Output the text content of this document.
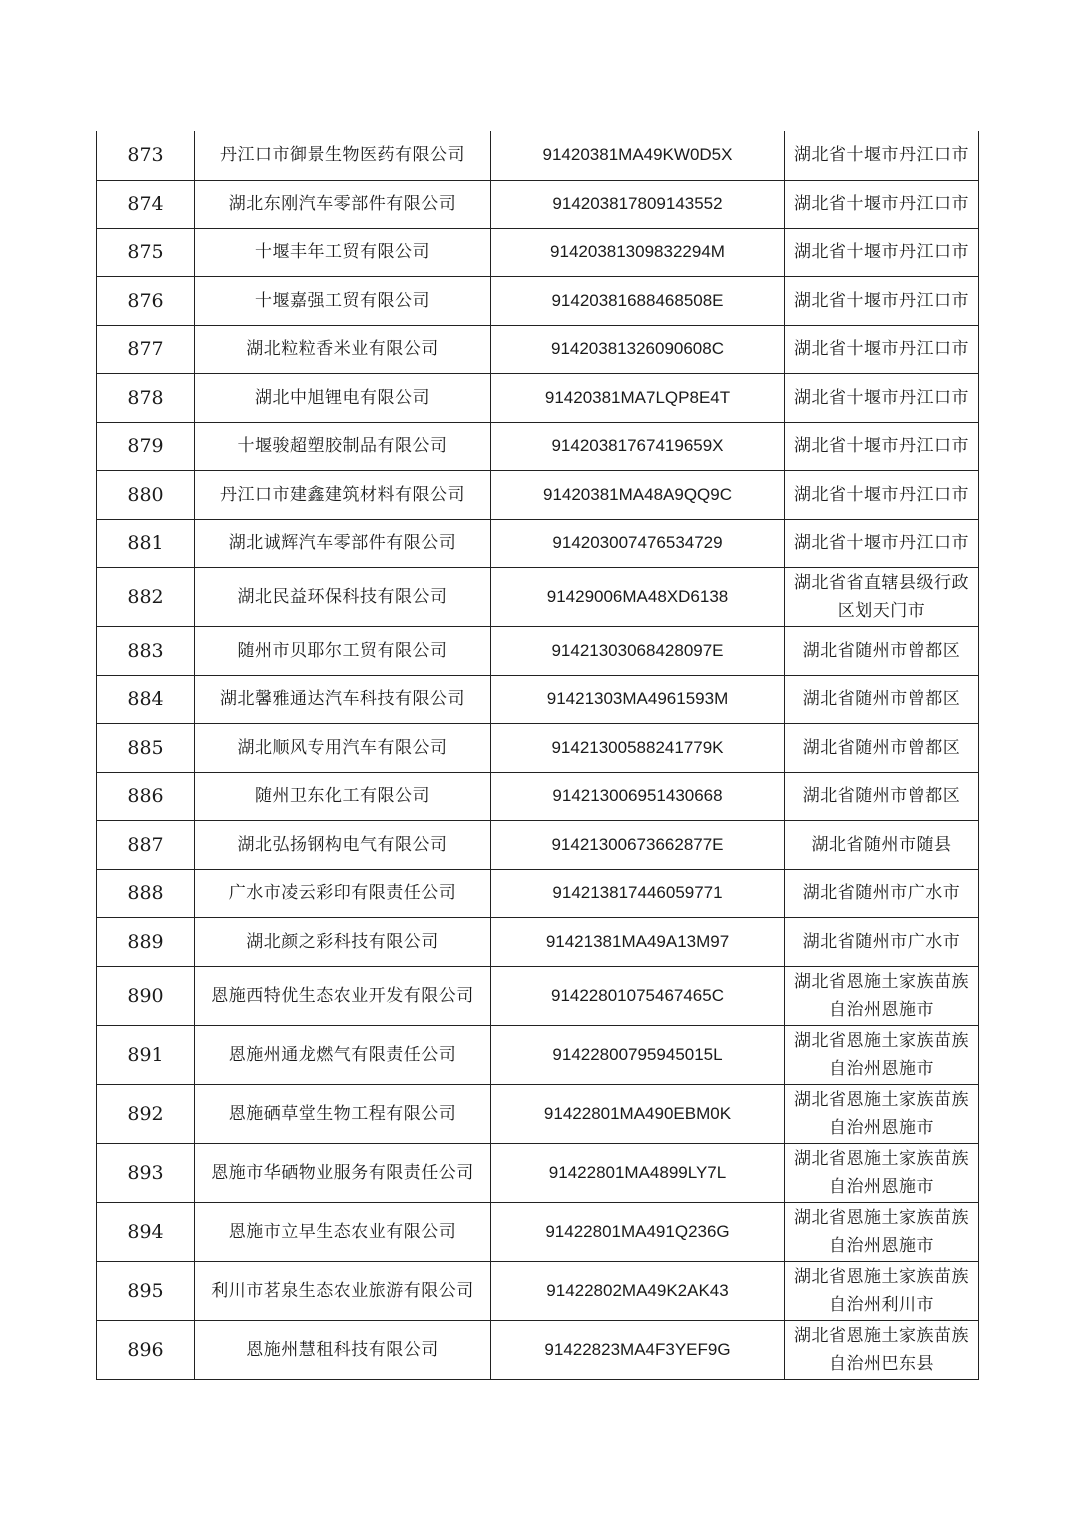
873	丹江口市御景生物医药有限公司	91420381MA49KW0D5X	湖北省十堰市丹江口市

874	湖北东刚汽车零部件有限公司	914203817809143552	湖北省十堰市丹江口市

875	十堰丰年工贸有限公司	91420381309832294M	湖北省十堰市丹江口市

876	十堰嘉强工贸有限公司	91420381688468508E	湖北省十堰市丹江口市

877	湖北粒粒香米业有限公司	91420381326090608C	湖北省十堰市丹江口市

878	湖北中旭锂电有限公司	91420381MA7LQP8E4T	湖北省十堰市丹江口市

879	十堰骏超塑胶制品有限公司	91420381767419659X	湖北省十堰市丹江口市

880	丹江口市建鑫建筑材料有限公司	91420381MA48A9QQ9C	湖北省十堰市丹江口市

881	湖北诚辉汽车零部件有限公司	914203007476534729	湖北省十堰市丹江口市

882	湖北民益环保科技有限公司	91429006MA48XD6138	湖北省省直辖县级行政区划天门市

883	随州市贝耶尔工贸有限公司	91421303068428097E	湖北省随州市曾都区

884	湖北馨雅通达汽车科技有限公司	91421303MA4961593M	湖北省随州市曾都区

885	湖北顺风专用汽车有限公司	91421300588241779K	湖北省随州市曾都区

886	随州卫东化工有限公司	914213006951430668	湖北省随州市曾都区

887	湖北弘扬钢构电气有限公司	91421300673662877E	湖北省随州市随县

888	广水市凌云彩印有限责任公司	914213817446059771	湖北省随州市广水市

889	湖北颜之彩科技有限公司	91421381MA49A13M97	湖北省随州市广水市

890	恩施西特优生态农业开发有限公司	91422801075467465C	湖北省恩施土家族苗族自治州恩施市

891	恩施州通龙燃气有限责任公司	91422800795945015L	湖北省恩施土家族苗族自治州恩施市

892	恩施硒草堂生物工程有限公司	91422801MA490EBM0K	湖北省恩施土家族苗族自治州恩施市

893	恩施市华硒物业服务有限责任公司	91422801MA4899LY7L	湖北省恩施土家族苗族自治州恩施市

894	恩施市立早生态农业有限公司	91422801MA491Q236G	湖北省恩施土家族苗族自治州恩施市

895	利川市茗泉生态农业旅游有限公司	91422802MA49K2AK43	湖北省恩施土家族苗族自治州利川市

896	恩施州慧租科技有限公司	91422823MA4F3YEF9G	湖北省恩施土家族苗族自治州巴东县
